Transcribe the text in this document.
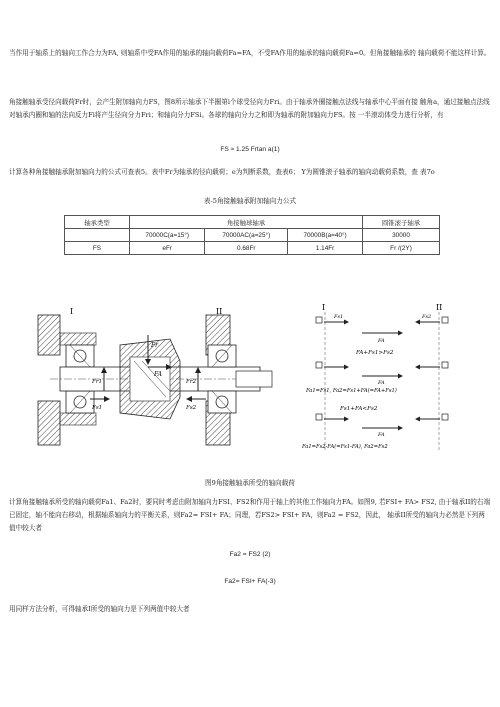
当作用于轴系上的轴向工作合力为FA, 则轴系中受FA作用的轴承的轴向载荷Fa=FA，不受FA作用的轴承的轴向载荷Fa=0。但角接触轴承的 轴向载荷不能这样计算。

角接触轴承受径向载荷Fr时，会产生附加轴向力FS，图8所示轴承下半圈第i个球受径向力Fri。由于轴承外圈接触点法线与轴承中心平面有接 触角a，通过接触点法线对轴承内圈和轴的法向反力Fi将产生径向分力Fri；和轴向分力FSi。各球的轴向分力之和即为轴承的附加轴向力FS。按 一半滚动体受力进行分析，有

FS ≈ 1.25 Frtan a(1)

计算各种角接触轴承附加轴向力的公式可查表5。表中Fr为轴承的径向载荷；e为判断系数，查表6； Y为圆锥滚子轴承的轴向动载荷系数，查 表7o

表-5角接触轴承附加轴向力公式

轴承类型	角接触球轴承			圆锥滚子轴承
	70000C(a=15°)	70000AC(a=25°)	70000B(a=40°)	30000
FS	eFr	0.68Fr	1.14Fr	Fr /(2Y)
I	II
Fr
FA
Fr1
Fs1
Fr2
Fs2
I	II
Fs1	Fs2
FA
FA+Fs1>Fs2
FA
Fa1=Fs1, Fa2=Fs1+FA(=FA+Fs1)
Fs1+FA<Fs2
FA
Fa1=Fs2-FA(=Fs1-FA), Fa2=Fs2

图9角接触轴承所受的轴向载荷

计算角接触轴承所受的轴向载荷Fa1、Fa2时，要同时考虑由附加轴向力FSI、FS2和作用于轴上的其他工作轴向力FA。如图9, 若FSI+ FA> FS2, 由于轴承II的右端已固定，轴不能向右移动，根据轴系轴向力的平衡关系，则Fa2= FSI+ FA；同理，若FS2> FSI+ FA，则Fa2 = FS2，因此， 轴承II所受的轴向力必然是下列两值中较大者

Fa2 = FS2 (2)

Fa2= FSI+ FA(-3)

用同样方法分析，可得轴承I所受的轴向力是下列两值中较大者
